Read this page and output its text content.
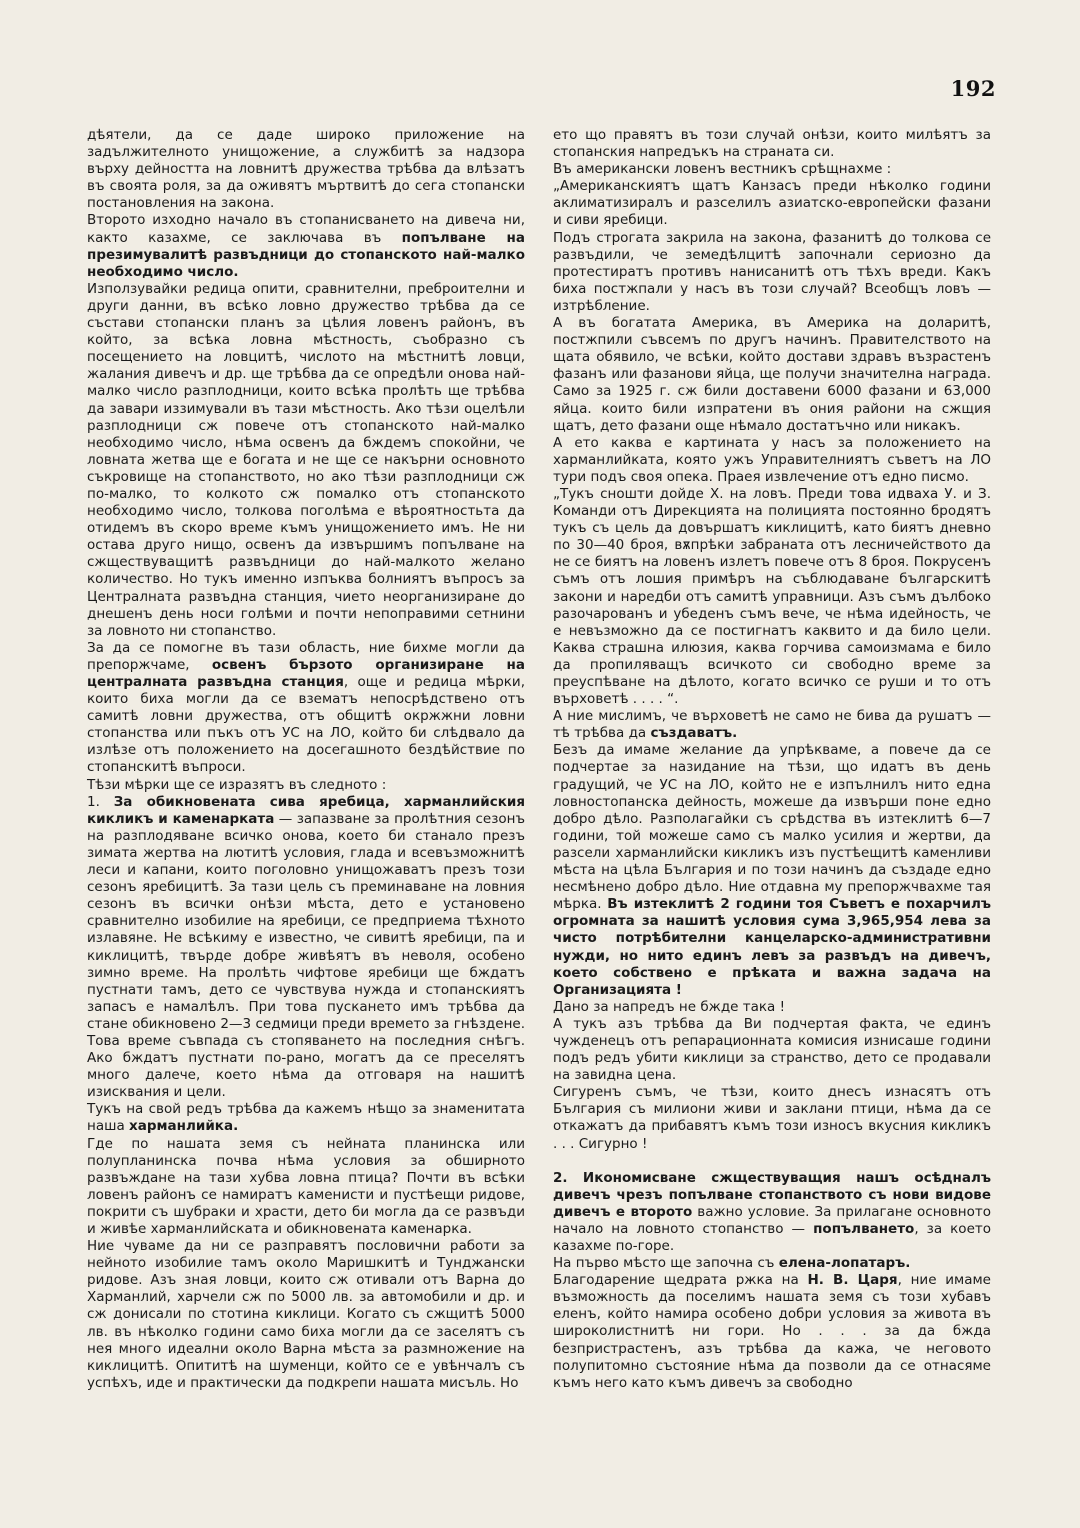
192

дѣятели, да се даде широко приложение на задължителното унищожение, а службитѣ за надзора върху дейността на ловнитѣ дружества трѣбва да влѣзатъ въ своята роля, за да оживятъ мъртвитѣ до сега стопански постановления на закона.

Второто изходно начало въ стопанисването на дивеча ни, както казахме, се заключава въ попълване на презимувалитѣ развъдници до стопанското най-малко необходимо число.

Използувайки редица опити, сравнителни, преброителни и други данни, въ всѣко ловно дружество трѣбва да се състави стопански планъ за цѣлия ловенъ районъ, въ който, за всѣка ловна мѣстность, съобразно съ посещението на ловцитѣ, числото на мѣстнитѣ ловци, жалания дивечъ и др. ще трѣбва да се опредѣли онова най-малко число разплодници, които всѣка пролѣть ще трѣбва да завари иззимували въ тази мѣстность. Ако тѣзи оцелѣли разплодници сж повече отъ стопанското най-малко необходимо число, нѣма освенъ да бждемъ спокойни, че ловната жетва ще е богата и не ще се накърни основното съкровище на стопанството, но ако тѣзи разплодници сж по-малко, то колкото сж помалко отъ стопанското необходимо число, толкова поголѣма е вѣроятностьта да отидемъ въ скоро време къмъ унищожението имъ. Не ни остава друго нищо, освенъ да извършимъ попълване на сжществуващитѣ развъдници до най-малкото желано количество. Но тукъ именно изпъква болниятъ въпросъ за Централната развъдна станция, чието неорганизиране до днешенъ день носи голѣми и почти непоправими сетнини за ловното ни стопанство.

За да се помогне въ тази область, ние бихме могли да препоржчаме, освенъ бързото организиране на централната развъдна станция, още и редица мѣрки, които биха могли да се взематъ непосрѣдствено отъ самитѣ ловни дружества, отъ общитѣ окржжни ловни стопанства или пъкъ отъ УС на ЛО, който би слѣдвало да излѣзе отъ положението на досегашното бездѣйствие по стопанскитѣ въпроси.

Тѣзи мѣрки ще се изразятъ въ следното :

1. За обикновената сива яребица, харманлийския кикликъ и каменарката — запазване за пролѣтния сезонъ на разплодяване всичко онова, което би станало презъ зимата жертва на лютитѣ условия, глада и всевъзможнитѣ леси и капани, които поголовно унищожаватъ презъ този сезонъ яребицитѣ. За тази цель съ преминаване на ловния сезонъ въ всички онѣзи мѣста, дето е установено сравнително изобилие на яребици, се предприема тѣхното излавяне. Не всѣкиму е известно, че сивитѣ яребици, па и киклицитѣ, твърде добре живѣятъ въ неволя, особено зимно време. На пролѣть чифтове яребици ще бждатъ пустнати тамъ, дето се чувствува нужда и стопанскиятъ запасъ е намалѣлъ. При това пускането имъ трѣбва да стане обикновено 2—3 седмици преди времето за гнѣздене. Това време съвпада съ стопяването на последния снѣгъ. Ако бждатъ пустнати по-рано, могатъ да се преселятъ много далече, което нѣма да отговаря на нашитѣ изисквания и цели.

Тукъ на свой редъ трѣбва да кажемъ нѣщо за знаменитата наша харманлийка.

Где по нашата земя съ нейната планинска или полупланинска почва нѣма условия за обширното развъждане на тази хубва ловна птица? Почти въ всѣки ловенъ районъ се намиратъ каменисти и пустѣещи ридове, покрити съ шубраки и храсти, дето би могла да се развъди и живѣе харманлийската и обикновената каменарка.

Ние чуваме да ни се разправятъ пословични работи за нейното изобилие тамъ около Маришкитѣ и Тунджански ридове. Азъ зная ловци, които сж отивали отъ Варна до Харманлий, харчели сж по 5000 лв. за автомобили и др. и сж донисали по стотина киклици. Когато съ сжщитѣ 5000 лв. въ нѣколко години само биха могли да се заселятъ съ нея много идеални около Варна мѣста за размножение на киклицитѣ. Опититѣ на шуменци, който се е увѣнчалъ съ успѣхъ, иде и практически да подкрепи нашата мисъль. Но

ето що правятъ въ този случай онѣзи, които милѣятъ за стопанския напредъкъ на страната си.

Въ американски ловенъ вестникъ срѣщнахме :

„Американскиятъ щатъ Канзасъ преди нѣколко години аклиматизиралъ и разселилъ азиатско-европейски фазани и сиви яребици.

Подъ строгата закрила на закона, фазанитѣ до толкова се развъдили, че земедѣлцитѣ започнали сериозно да протестиратъ противъ нанисанитѣ отъ тѣхъ вреди. Какъ биха постжпали у насъ въ този случай? Всеобщъ ловъ — изтрѣбление.

А въ богатата Америка, въ Америка на доларитѣ, постжпили съвсемъ по другъ начинъ. Правителството на щата обявило, че всѣки, който достави здравъ възрастенъ фазанъ или фазанови яйца, ще получи значителна награда. Само за 1925 г. сж били доставени 6000 фазани и 63,000 яйца. които били изпратени въ ония райони на сжщия щатъ, дето фазани още нѣмало достатъчно или никакъ.

А ето каква е картината у насъ за положението на харманлийката, която ужъ Управителниятъ съветъ на ЛО тури подъ своя опека. Праея извлечение отъ едно писмо.

„Тукъ сношти дойде Х. на ловъ. Преди това идваха У. и З. Команди отъ Дирекцията на полицията постоянно бродятъ тукъ съ цель да довършатъ киклицитѣ, като биятъ дневно по 30—40 броя, вѫпрѣки забраната отъ лесничейството да не се биятъ на ловенъ излетъ повече отъ 8 броя. Покрусенъ съмъ отъ лошия примѣръ на съблюдаване българскитѣ закони и наредби отъ самитѣ управници. Азъ съмъ дълбоко разочарованъ и убеденъ съмъ вече, че нѣма идейность, че е невъзможно да се постигнатъ каквито и да било цели. Каква страшна илюзия, каква горчива самоизмама е било да пропиляващъ всичкото си свободно време за преуспѣване на дѣлото, когато всичко се руши и то отъ върховетѣ . . . . “.

А ние мислимъ, че върховетѣ не само не бива да рушатъ — тѣ трѣбва да създаватъ.

Безъ да имаме желание да упрѣкваме, а повече да се подчертае за назидание на тѣзи, що идатъ въ день градущий, че УС на ЛО, който не е изпълнилъ нито една ловностопанска дейность, можеше да извърши поне едно добро дѣло. Разполагайки съ срѣдства въ изтеклитѣ 6—7 години, той можеше само съ малко усилия и жертви, да разсели харманлийски кикликъ изъ пустѣещитѣ каменливи мѣста на цѣла България и по този начинъ да създаде едно несмѣнено добро дѣло. Ние отдавна му препоржчвахме тая мѣрка. Въ изтеклитѣ 2 години тоя Съветъ е похарчилъ огромната за нашитѣ условия сума 3,965,954 лева за чисто потрѣбителни канцеларско-административни нужди, но нито единъ левъ за развъдъ на дивечъ, което собствено е прѣката и важна задача на Организацията !

Дано за напредъ не бжде така !

А тукъ азъ трѣбва да Ви подчертая факта, че единъ чужденецъ отъ репарационната комисия изнисаше години подъ редъ убити киклици за странство, дето се продавали на завидна цена.

Сигуренъ съмъ, че тѣзи, които днесъ изнасятъ отъ България съ милиони живи и заклани птици, нѣма да се откажатъ да прибавятъ къмъ този износъ вкусния кикликъ . . . Сигурно !

2. Икономисване сжществуващия нашъ осѣдналъ дивечъ чрезъ попълване стопанството съ нови видове дивечъ е второто важно условие. За прилагане основното начало на ловното стопанство — попълването, за което казахме по-горе.

На първо мѣсто ще започна съ елена-лопатаръ.

Благодарение щедрата ржка на Н. В. Царя, ние имаме възможность да поселимъ нашата земя съ този хубавъ еленъ, който намира особено добри условия за живота въ широколистнитѣ ни гори. Но . . . за да бжда безпристрастенъ, азъ трѣбва да кажа, че неговото полупитомно състояние нѣма да позволи да се отнасяме къмъ него като къмъ дивечъ за свободно
